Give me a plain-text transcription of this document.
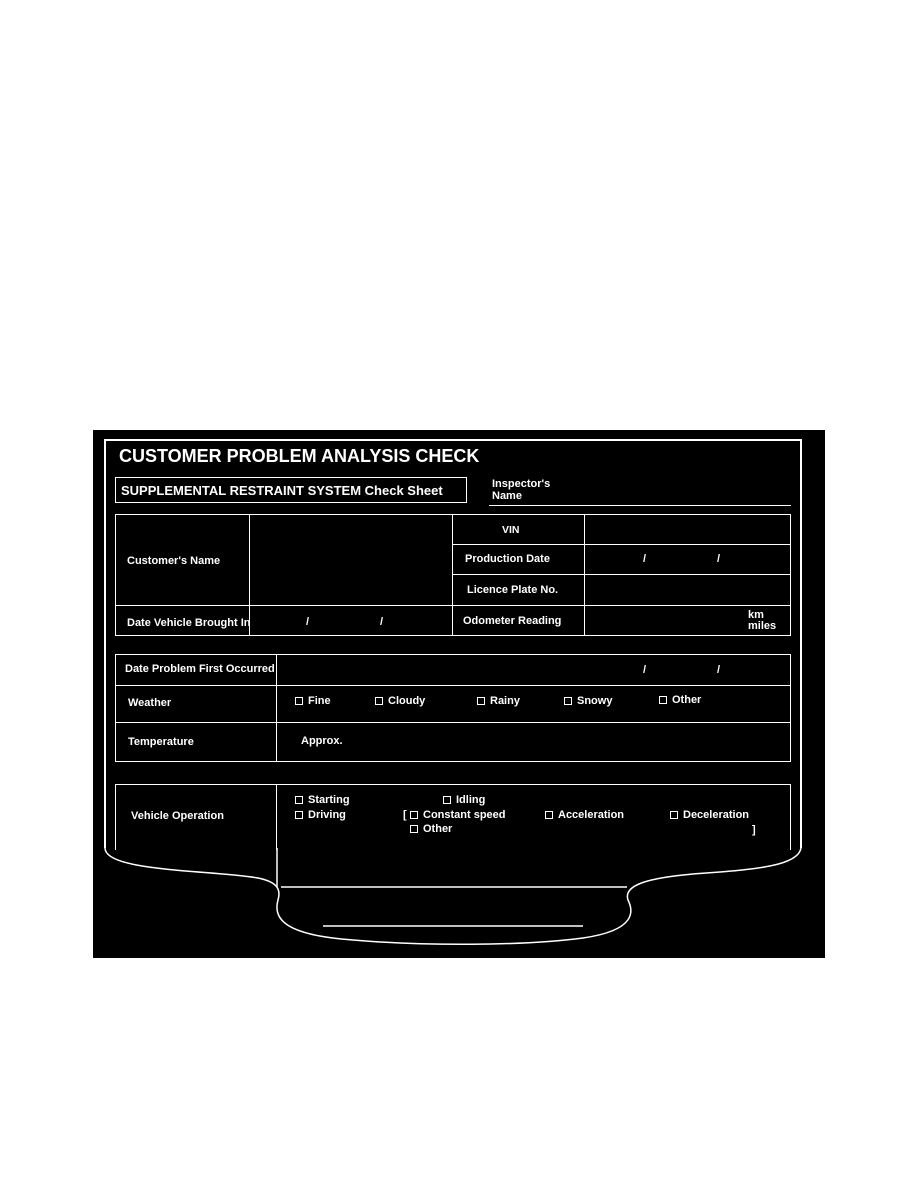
CUSTOMER PROBLEM ANALYSIS CHECK
SUPPLEMENTAL RESTRAINT SYSTEM Check Sheet	Inspector's
Name
Customer's Name
VIN
Production Date	/	/
Licence Plate No.
Date Vehicle Brought In	/	/	Odometer Reading	km
miles
Date Problem First Occurred	/	/
Weather	Fine	Cloudy	Rainy	Snowy	Other
Temperature	Approx.
Vehicle Operation
Starting	Idling
Driving	[	Constant speed	Acceleration	Deceleration
Other	]
